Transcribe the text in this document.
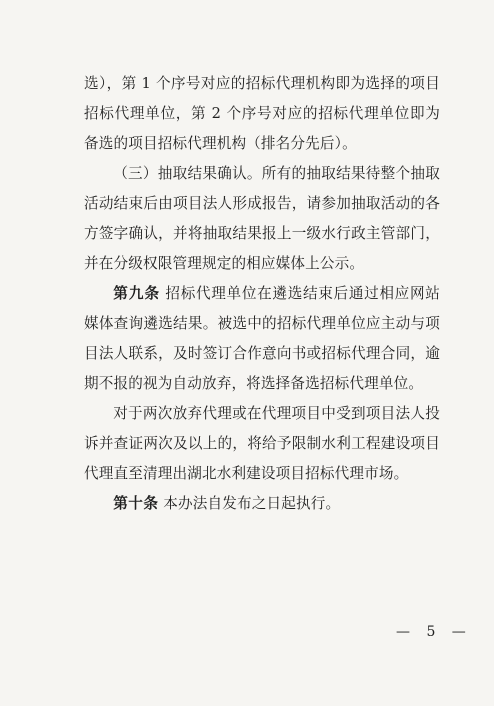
选），第 1 个序号对应的招标代理机构即为选择的项目招标代理单位，第 2 个序号对应的招标代理单位即为备选的项目招标代理机构（排名分先后）。

（三）抽取结果确认。所有的抽取结果待整个抽取活动结束后由项目法人形成报告，请参加抽取活动的各方签字确认，并将抽取结果报上一级水行政主管部门，并在分级权限管理规定的相应媒体上公示。

第九条 招标代理单位在遴选结束后通过相应网站媒体查询遴选结果。被选中的招标代理单位应主动与项目法人联系，及时签订合作意向书或招标代理合同，逾期不报的视为自动放弃，将选择备选招标代理单位。

对于两次放弃代理或在代理项目中受到项目法人投诉并查证两次及以上的，将给予限制水利工程建设项目代理直至清理出湖北水利建设项目招标代理市场。

第十条 本办法自发布之日起执行。

— 5 —
